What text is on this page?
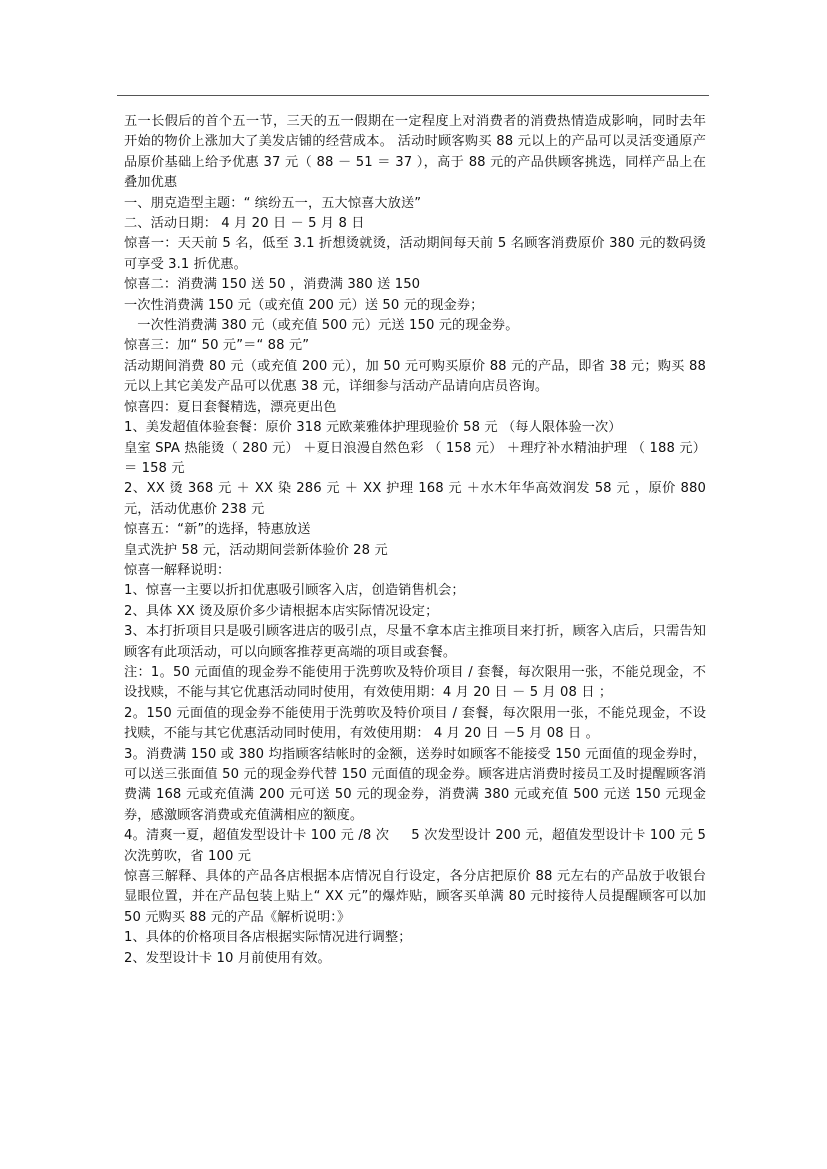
五一长假后的首个五一节，三天的五一假期在一定程度上对消费者的消费热情造成影响，同时去年开始的物价上涨加大了美发店铺的经营成本。 活动时顾客购买 88 元以上的产品可以灵活变通原产品原价基础上给予优惠 37 元（ 88 － 51 ＝ 37 ），高于 88 元的产品供顾客挑选，同样产品上在叠加优惠

一、朋克造型主题：“ 缤纷五一，五大惊喜大放送”

二、活动日期： 4 月 20 日 － 5 月 8 日

惊喜一：天天前 5 名，低至 3.1 折想烫就烫，活动期间每天前 5 名顾客消费原价 380 元的数码烫可享受 3.1 折优惠。

惊喜二：消费满 150 送 50 ，消费满 380 送 150

一次性消费满 150 元（或充值 200 元）送 50 元的现金券；

　一次性消费满 380 元（或充值 500 元）元送 150 元的现金券。

惊喜三：加“ 50 元”＝“ 88 元”

活动期间消费 80 元（或充值 200 元），加 50 元可购买原价 88 元的产品，即省 38 元；购买 88 元以上其它美发产品可以优惠 38 元，详细参与活动产品请向店员咨询。

惊喜四：夏日套餐精选，漂亮更出色

1、美发超值体验套餐：原价 318 元欧莱雅体护理现验价 58 元 （每人限体验一次）

皇室 SPA 热能烫（ 280 元） ＋夏日浪漫自然色彩 （ 158 元） ＋理疗补水精油护理 （ 188 元） ＝ 158 元

2、XX 烫 368 元 ＋ XX 染 286 元 ＋ XX 护理 168 元 ＋水木年华高效润发 58 元 ，原价 880 元，活动优惠价 238 元

惊喜五：“新”的选择，特惠放送

皇式洗护 58 元，活动期间尝新体验价 28 元

惊喜一解释说明：

1、惊喜一主要以折扣优惠吸引顾客入店，创造销售机会；

2、具体 XX 烫及原价多少请根据本店实际情况设定；

3、本打折项目只是吸引顾客进店的吸引点，尽量不拿本店主推项目来打折，顾客入店后，只需告知顾客有此项活动，可以向顾客推荐更高端的项目或套餐。

注：1。50 元面值的现金券不能使用于洗剪吹及特价项目 / 套餐，每次限用一张，不能兑现金，不设找赎，不能与其它优惠活动同时使用，有效使用期：4 月 20 日 － 5 月 08 日 ；

2。150 元面值的现金券不能使用于洗剪吹及特价项目 / 套餐，每次限用一张，不能兑现金，不设找赎，不能与其它优惠活动同时使用，有效使用期： 4 月 20 日 －5 月 08 日 。

3。消费满 150 或 380 均指顾客结帐时的金额，送券时如顾客不能接受 150 元面值的现金券时，可以送三张面值 50 元的现金券代替 150 元面值的现金券。顾客进店消费时接员工及时提醒顾客消费满 168 元或充值满 200 元可送 50 元的现金券，消费满 380 元或充值 500 元送 150 元现金券，感激顾客消费或充值满相应的额度。

4。清爽一夏，超值发型设计卡 100 元 /8 次 　 5 次发型设计 200 元，超值发型设计卡 100 元 5 次洗剪吹，省 100 元

惊喜三解释、具体的产品各店根据本店情况自行设定，各分店把原价 88 元左右的产品放于收银台显眼位置，并在产品包装上贴上“ XX 元”的爆炸贴，顾客买单满 80 元时接待人员提醒顾客可以加 50 元购买 88 元的产品《解析说明：》

1、具体的价格项目各店根据实际情况进行调整；

2、发型设计卡 10 月前使用有效。
